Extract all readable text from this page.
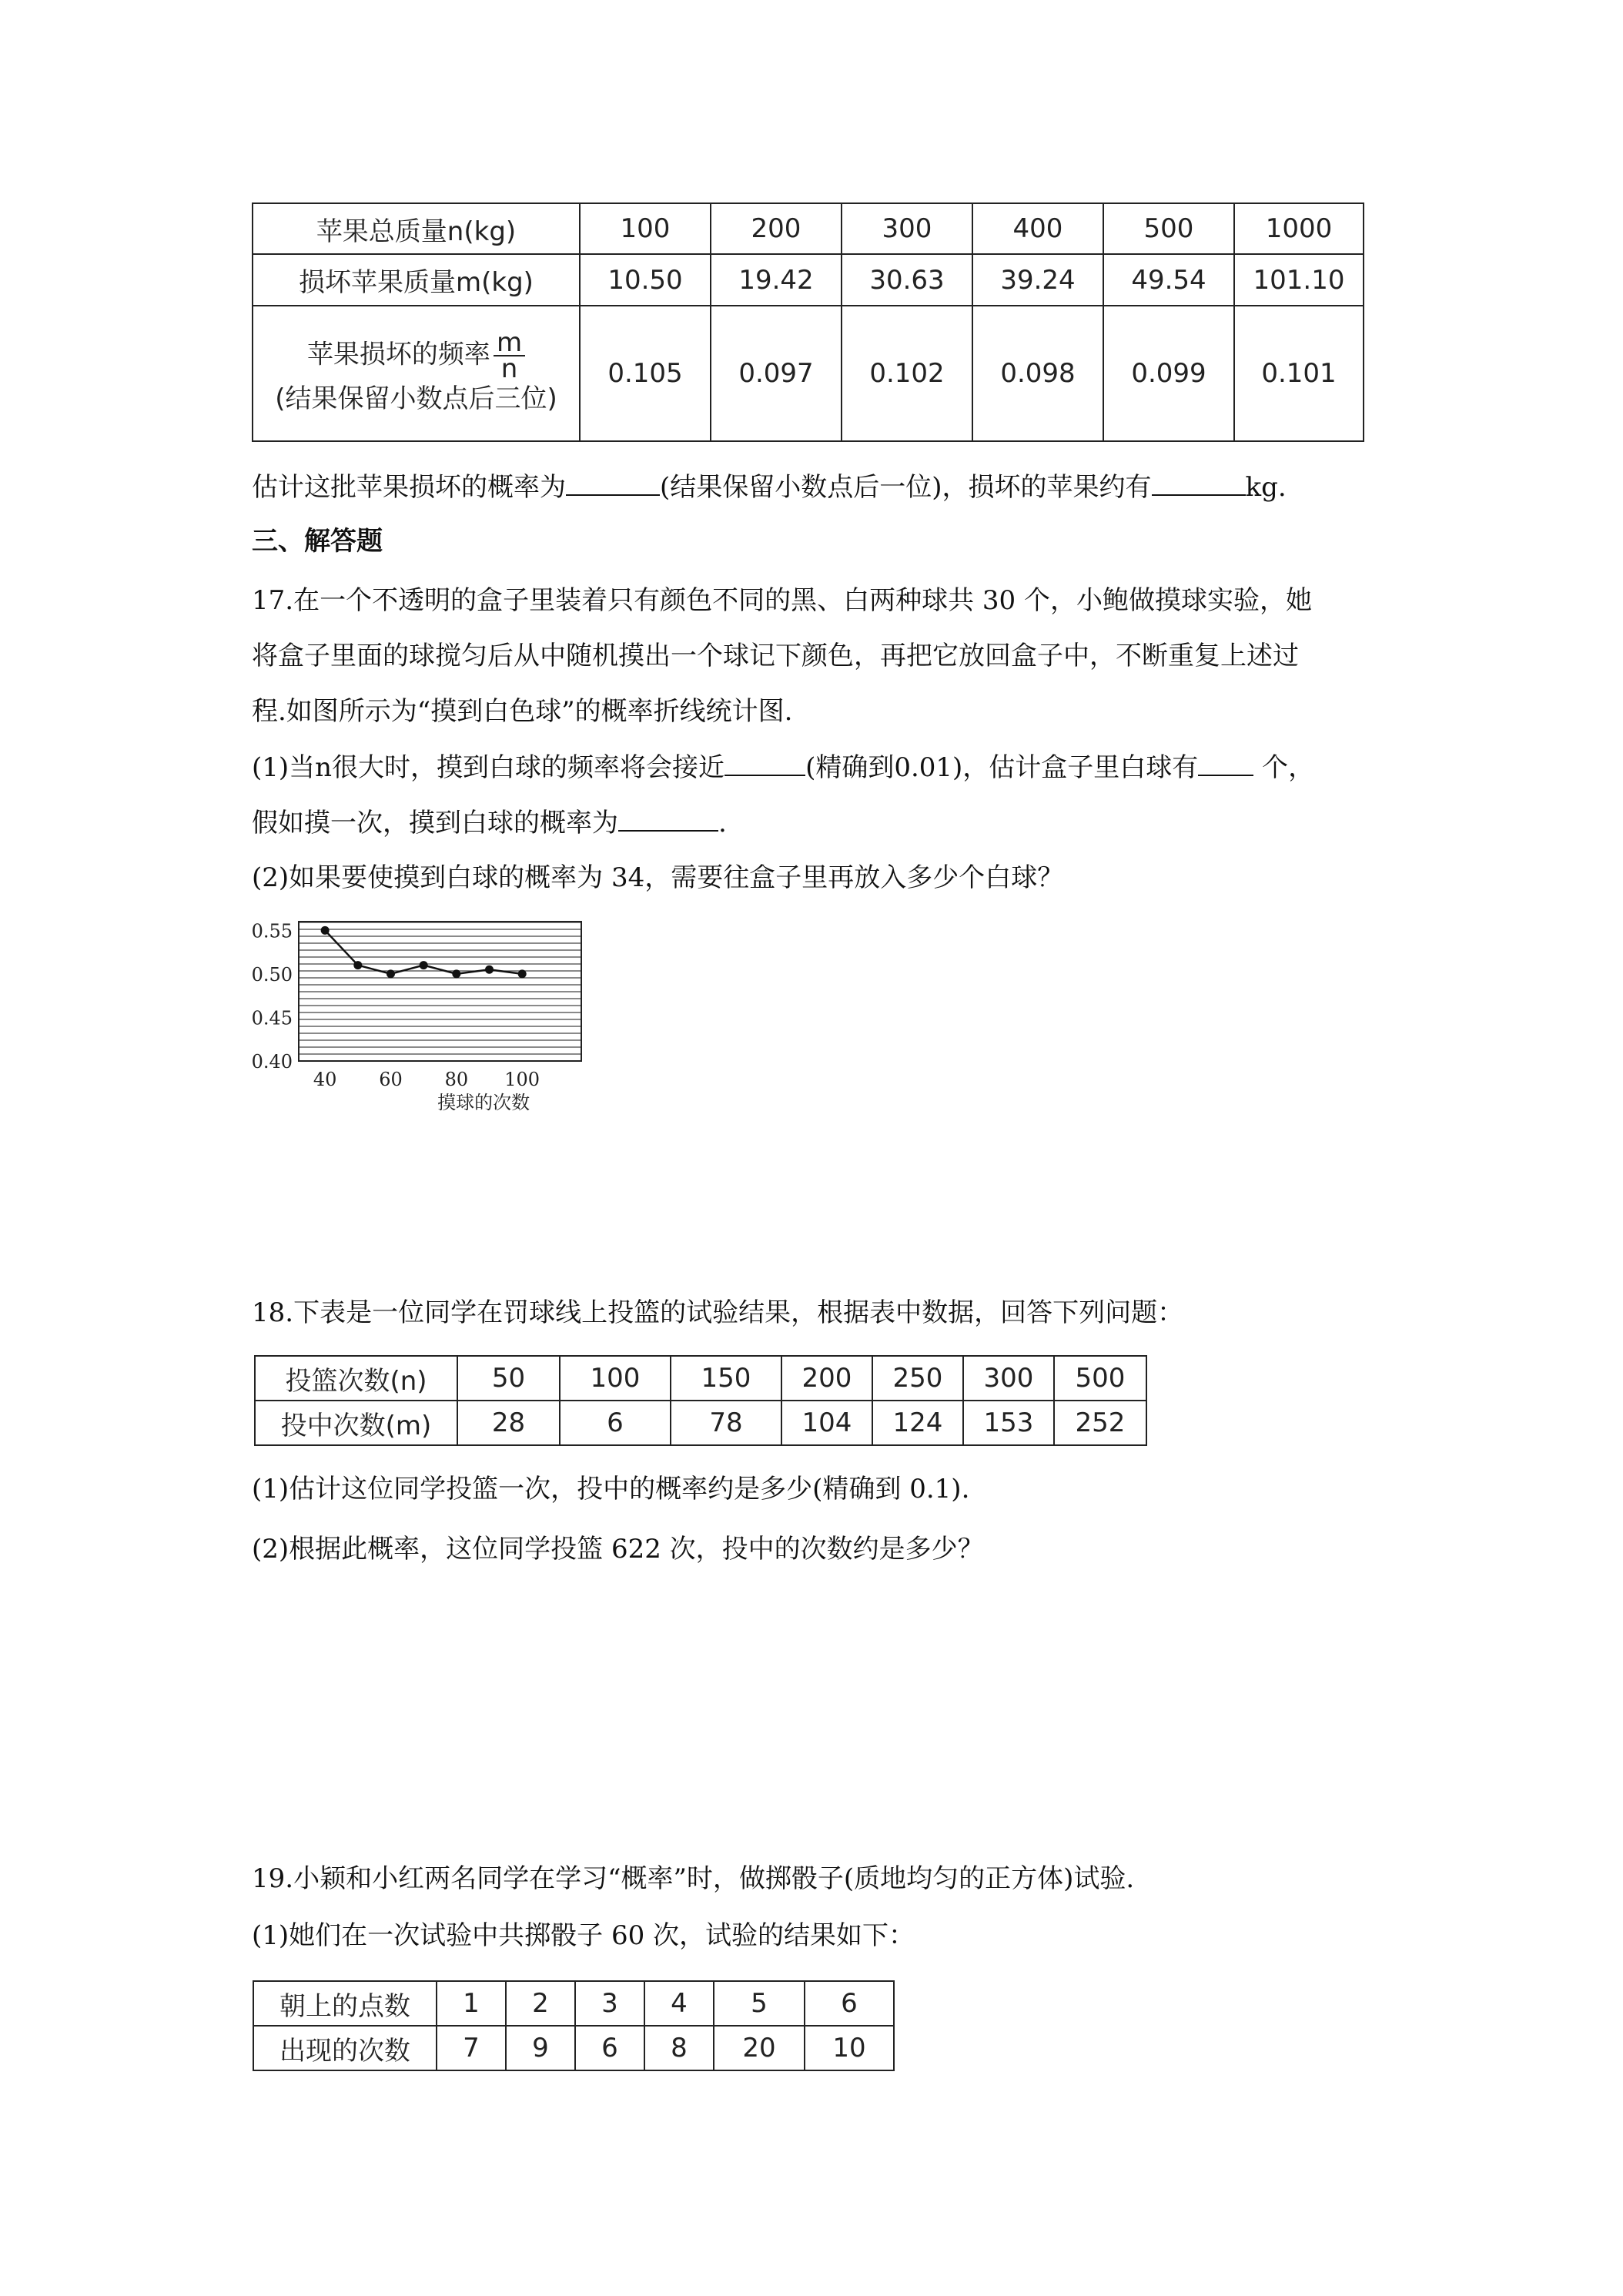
苹果总质量n(kg)	100	200	300	400	500	1000
损坏苹果质量m(kg)	10.50	19.42	30.63	39.24	49.54	101.10

苹果损坏的频率 $\frac{m}{n}$
(结果保留小数点后三位)	0.105	0.097	0.102	0.098	0.099	0.101
估计这批苹果损坏的概率为	(结果保留小数点后一位)，损坏的苹果约有	kg.
三、解答题
17.在一个不透明的盒子里装着只有颜色不同的黑、白两种球共 30 个，小鲍做摸球实验，她
将盒子里面的球搅匀后从中随机摸出一个球记下颜色，再把它放回盒子中，不断重复上述过
程.如图所示为“摸到白色球”的概率折线统计图.
(1)当n很大时，摸到白球的频率将会接近	(精确到0.01)，估计盒子里白球有 个，
假如摸一次，摸到白球的概率为	.
(2)如果要使摸到白球的概率为 34，需要往盒子里再放入多少个白球？
0.55
0.50
0.45
0.40
40 60 80 100
摸球的次数
18.下表是一位同学在罚球线上投篮的试验结果，根据表中数据，回答下列问题：
投篮次数(n)	50	100	150	200	250	300	500
投中次数(m)	28	6	78	104	124	153	252
(1)估计这位同学投篮一次，投中的概率约是多少(精确到 0.1).
(2)根据此概率，这位同学投篮 622 次，投中的次数约是多少？
19.小颖和小红两名同学在学习“概率”时，做掷骰子(质地均匀的正方体)试验.
(1)她们在一次试验中共掷骰子 60 次，试验的结果如下：
朝上的点数	1	2	3	4	5	6
出现的次数	7	9	6	8	20	10
